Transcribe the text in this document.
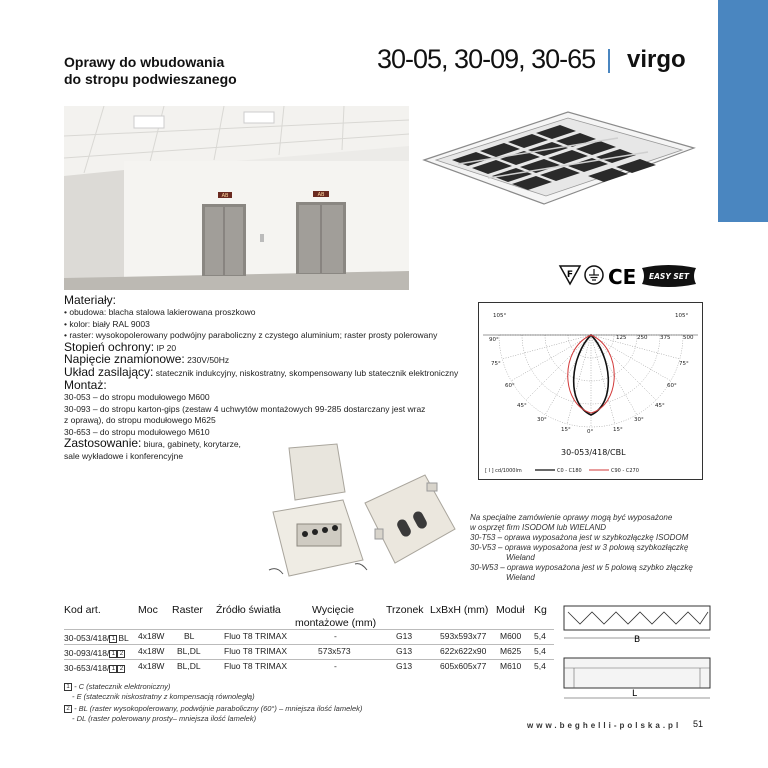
Oprawy do wbudowania
do stropu podwieszanego
30-05, 30-09, 30-65 virgo
AB	AB
F CE EASY SET
Materiały:
• obudowa: blacha stalowa lakierowana proszkowo
• kolor: biały RAL 9003
• raster: wysokopolerowany podwójny paraboliczny z czystego aluminium; raster prosty polerowany
Stopień ochrony: IP 20
Napięcie znamionowe: 230V/50Hz
Układ zasilający: statecznik indukcyjny, niskostratny, skompensowany lub statecznik elektroniczny
Montaż:
30-053 – do stropu modułowego M600
30-093 – do stropu karton-gips (zestaw 4 uchwytów montażowych 99-285 dostarczany jest wraz
z oprawą), do stropu modułowego M625
30-653 – do stropu modułowego M610
Zastosowanie: biura, gabinety, korytarze,
sale wykładowe i konferencyjne
105°	105°
90°
75°	75°
60°	60°
45°	45°
30°	30°
15°	0°	15°
125 250 375 500
30-053/418/CBL
[ I ] cd/1000lm	C0 - C180	C90 - C270
Na specjalne zamówienie oprawy mogą być wyposażone
w osprzęt firm ISODOM lub WIELAND
30-T53 – oprawa wyposażona jest w szybkozłączkę ISODOM
30-V53 – oprawa wyposażona jest w 3 polową szybkozłączkę
Wieland
30-W53 – oprawa wyposażona jest w 5 polową szybko złączkę
Wieland
Kod art.	Moc Raster Źródło światła	Wycięcie
montażowe (mm)
Trzonek LxBxH (mm) Moduł Kg
30-053/418/ 1 BL 4x18W BL	Fluo T8 TRIMAX	-	G13	593x593x77 M600 5,4
30-093/418/ 1 2 4x18W BL,DL	Fluo T8 TRIMAX	573x573	G13	622x622x90 M625 5,4
30-653/418/ 1 2 4x18W BL,DL	Fluo T8 TRIMAX	-	G13	605x605x77 M610 5,4
1 - C (statecznik elektroniczny)
- E (statecznik niskostratny z kompensacją równoległą)
2 - BL (raster wysokopolerowany, podwójnie paraboliczny (60°) – mniejsza ilość lamelek)
- DL (raster polerowany prosty– mniejsza ilość lamelek)
B
L
www.beghelli-polska.pl 51
